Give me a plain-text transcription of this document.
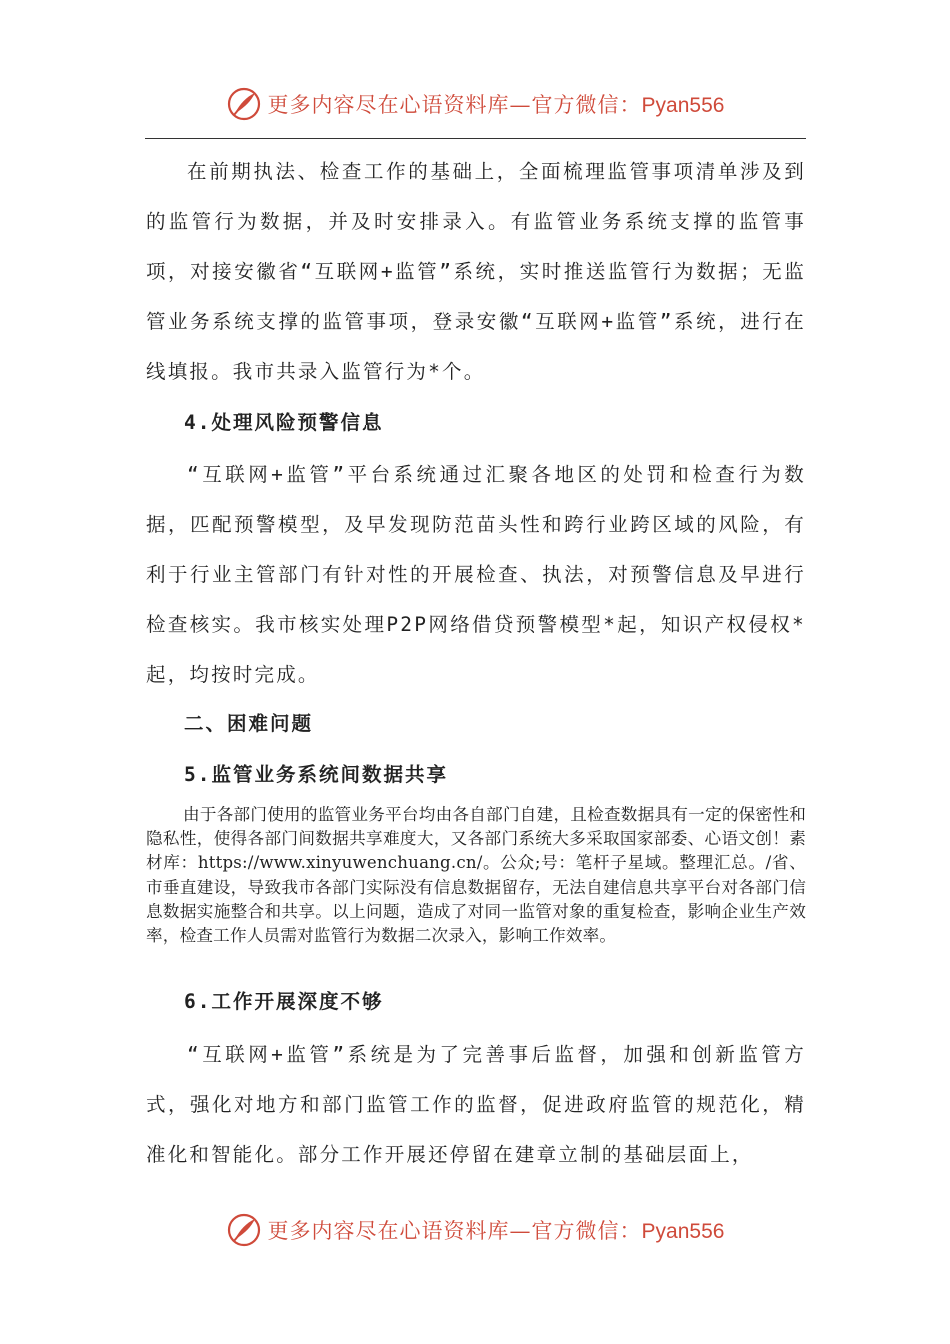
更多内容尽在心语资料库—官方微信：Pyan556

在前期执法、检查工作的基础上，全面梳理监管事项清单涉及到的监管行为数据，并及时安排录入。有监管业务系统支撑的监管事项，对接安徽省“互联网+监管”系统，实时推送监管行为数据；无监管业务系统支撑的监管事项，登录安徽“互联网+监管”系统，进行在线填报。我市共录入监管行为*个。

4.处理风险预警信息

“互联网+监管”平台系统通过汇聚各地区的处罚和检查行为数据，匹配预警模型，及早发现防范苗头性和跨行业跨区域的风险，有利于行业主管部门有针对性的开展检查、执法，对预警信息及早进行检查核实。我市核实处理P2P网络借贷预警模型*起，知识产权侵权*起，均按时完成。

二、困难问题
5.监管业务系统间数据共享

由于各部门使用的监管业务平台均由各自部门自建，且检查数据具有一定的保密性和隐私性，使得各部门间数据共享难度大，又各部门系统大多采取国家部委、心语文创！素材库：https://www.xinyuwenchuang.cn/。公众;号：笔杆子星域。整理汇总。/省、市垂直建设，导致我市各部门实际没有信息数据留存，无法自建信息共享平台对各部门信息数据实施整合和共享。以上问题，造成了对同一监管对象的重复检查，影响企业生产效率，检查工作人员需对监管行为数据二次录入，影响工作效率。

6.工作开展深度不够

“互联网+监管”系统是为了完善事后监督，加强和创新监管方式，强化对地方和部门监管工作的监督，促进政府监管的规范化，精准化和智能化。部分工作开展还停留在建章立制的基础层面上，

更多内容尽在心语资料库—官方微信：Pyan556
